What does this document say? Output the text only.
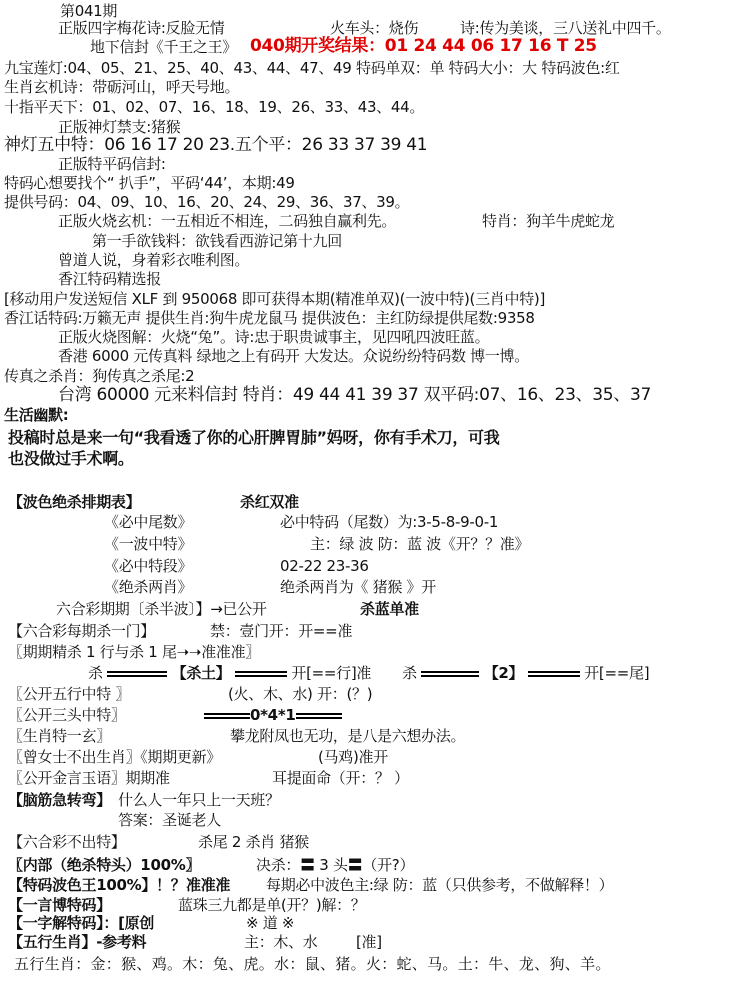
第041期
正版四字梅花诗:反脸无情	火车头：烧伤	诗:传为美谈，三八送礼中四千。
地下信封《千王之王》 040期开奖结果：01 24 44 06 17 16 T 25
九宝莲灯:04、05、21、25、40、43、44、47、49 特码单双：单 特码大小：大 特码波色:红
生肖玄机诗：带砺河山，呼天号地。
十指平天下：01、02、07、16、18、19、26、33、43、44。
正版神灯禁支:猪猴
神灯五中特：06 16 17 20 23.五个平：26 33 37 39 41
正版特平码信封:
特码心想要找个“ 扒手”，平码‘44’，本期:49
提供号码：04、09、10、16、20、24、29、36、37、39。
正版火烧玄机：一五相近不相连，二码独自赢利先。	特肖：狗羊牛虎蛇龙
第一手欲钱料：欲钱看西游记第十九回
曾道人说，身着彩衣唯利图。
香江特码精选报
[移动用户发送短信 XLF 到 950068 即可获得本期(精准单双)(一波中特)(三肖中特)]
香江话特码:万籁无声 提供生肖:狗牛虎龙鼠马 提供波色：主红防绿提供尾数:9358
正版火烧图解：火烧“兔”。诗:忠于职贵诚事主，见四吼四波旺蓝。
香港 6000 元传真料 绿地之上有码开 大发达。众说纷纷特码数 博一博。
传真之杀肖：狗传真之杀尾:2
台湾 60000 元来料信封 特肖：49 44 41 39 37 双平码:07、16、23、35、37
生活幽默:
投稿时总是来一句“我看透了你的心肝脾胃肺”妈呀，你有手术刀，可我
也没做过手术啊。
【波色绝杀排期表】	杀红双准
《必中尾数》	必中特码（尾数）为:3-5-8-9-0-1
《一波中特》	主：绿 波 防：蓝 波《开？？准》
《必中特段》	02-22 23-36
《绝杀两肖》	绝杀两肖为《 猪猴 》开
六合彩期期〔杀半波〕】→已公开	杀蓝单准
【六合彩每期杀一门】	禁：壹门开：开==准
〖期期精杀 1 行与杀 1 尾➝➝准准准〗
杀	【杀土】	开[==行]准 杀	【2】	开[==尾]
〖公开五行中特 〗	(火、木、水) 开：(？)
〖公开三头中特〗	0*4*1
〖生肖特一玄〗	攀龙附凤也无功，是八是六想办法。
〖曾女士不出生肖〗《期期更新》	(马鸡)准开
〖公开金言玉语〗期期准	耳提面命（开：？ ）
【脑筋急转弯】 什么人一年只上一天班？
答案：圣诞老人
【六合彩不出特】	杀尾 2 杀肖 猪猴
〖内部（绝杀特头）100%〗	决杀：〓 3 头〓（开?）
【特码波色王100%】！？ 准准准 每期必中波色主:绿 防：蓝（只供参考，不做解释！）
【一言博特码】	蓝珠三九都是单(开？)解：？
【一字解特码】：[原创	※ 道 ※
【五行生肖】-参考料	主：木、水	[准]
五行生肖：金：猴、鸡。木：兔、虎。水：鼠、猪。火：蛇、马。土：牛、龙、狗、羊。
